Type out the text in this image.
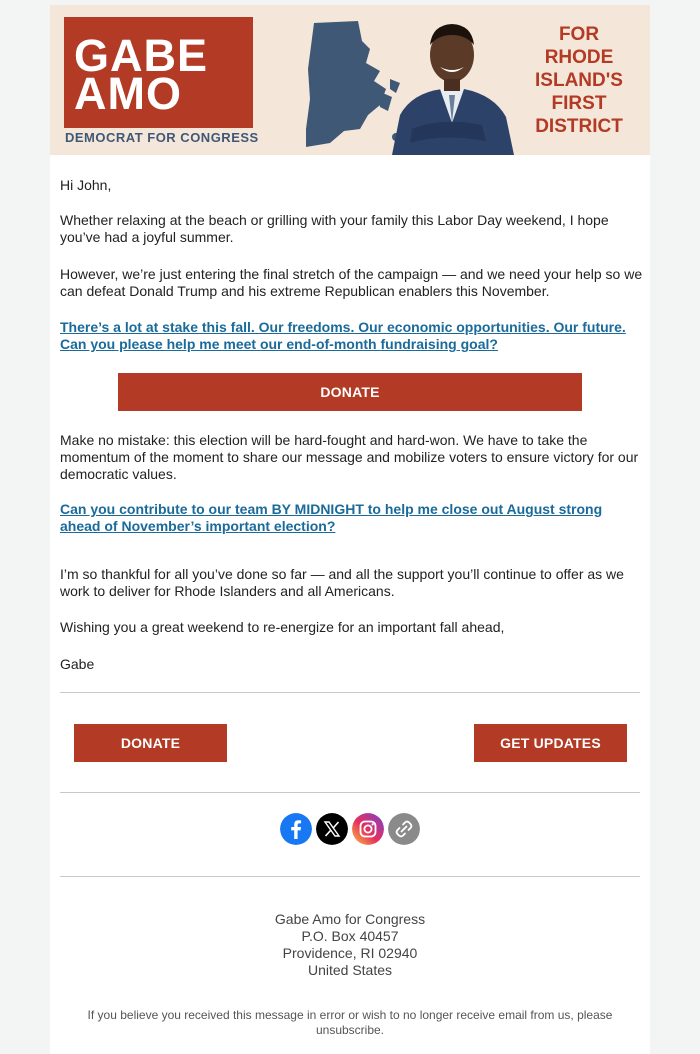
GABE
AMO
DEMOCRAT FOR CONGRESS
FOR
RHODE
ISLAND'S
FIRST
DISTRICT

Hi John,

Whether relaxing at the beach or grilling with your family this Labor Day weekend, I hope you’ve had a joyful summer.

However, we’re just entering the final stretch of the campaign — and we need your help so we can defeat Donald Trump and his extreme Republican enablers this November.

There’s a lot at stake this fall. Our freedoms. Our economic opportunities. Our future. Can you please help me meet our end-of-month fundraising goal?

DONATE

Make no mistake: this election will be hard-fought and hard-won. We have to take the momentum of the moment to share our message and mobilize voters to ensure victory for our democratic values.

Can you contribute to our team BY MIDNIGHT to help me close out August strong ahead of November’s important election?

I’m so thankful for all you’ve done so far — and all the support you’ll continue to offer as we work to deliver for Rhode Islanders and all Americans.

Wishing you a great weekend to re-energize for an important fall ahead,

Gabe

DONATE	GET UPDATES
Gabe Amo for Congress
P.O. Box 40457
Providence, RI 02940
United States
If you believe you received this message in error or wish to no longer receive email from us, please unsubscribe.
